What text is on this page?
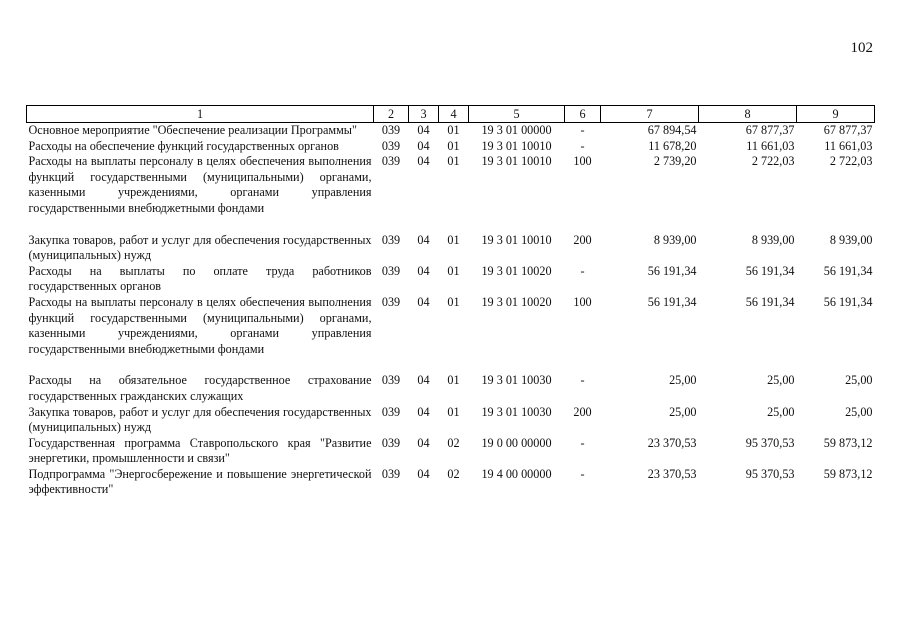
102
1	2	3	4	5	6	7	8	9
Основное мероприятие "Обеспечение реализации Программы"	039	04	01	19 3 01 00000	-	67 894,54	67 877,37	67 877,37
Расходы на обеспечение функций государственных органов	039	04	01	19 3 01 10010	-	11 678,20	11 661,03	11 661,03
Расходы на выплаты персоналу в целях обеспечения выполнения функций государственными (муниципальными) органами, казенными учреждениями, органами управления государственными внебюджетными фондами	039	04	01	19 3 01 10010	100	2 739,20	2 722,03	2 722,03
Закупка товаров, работ и услуг для обеспечения государственных (муниципальных) нужд	039	04	01	19 3 01 10010	200	8 939,00	8 939,00	8 939,00
Расходы на выплаты по оплате труда работников государственных органов	039	04	01	19 3 01 10020	-	56 191,34	56 191,34	56 191,34
Расходы на выплаты персоналу в целях обеспечения выполнения функций государственными (муниципальными) органами, казенными учреждениями, органами управления государственными внебюджетными фондами	039	04	01	19 3 01 10020	100	56 191,34	56 191,34	56 191,34
Расходы на обязательное государственное страхование государственных гражданских служащих	039	04	01	19 3 01 10030	-	25,00	25,00	25,00
Закупка товаров, работ и услуг для обеспечения государственных (муниципальных) нужд	039	04	01	19 3 01 10030	200	25,00	25,00	25,00
Государственная программа Ставропольского края "Развитие энергетики, промышленности и связи"	039	04	02	19 0 00 00000	-	23 370,53	95 370,53	59 873,12
Подпрограмма "Энергосбережение и повышение энергетической эффективности"	039	04	02	19 4 00 00000	-	23 370,53	95 370,53	59 873,12
